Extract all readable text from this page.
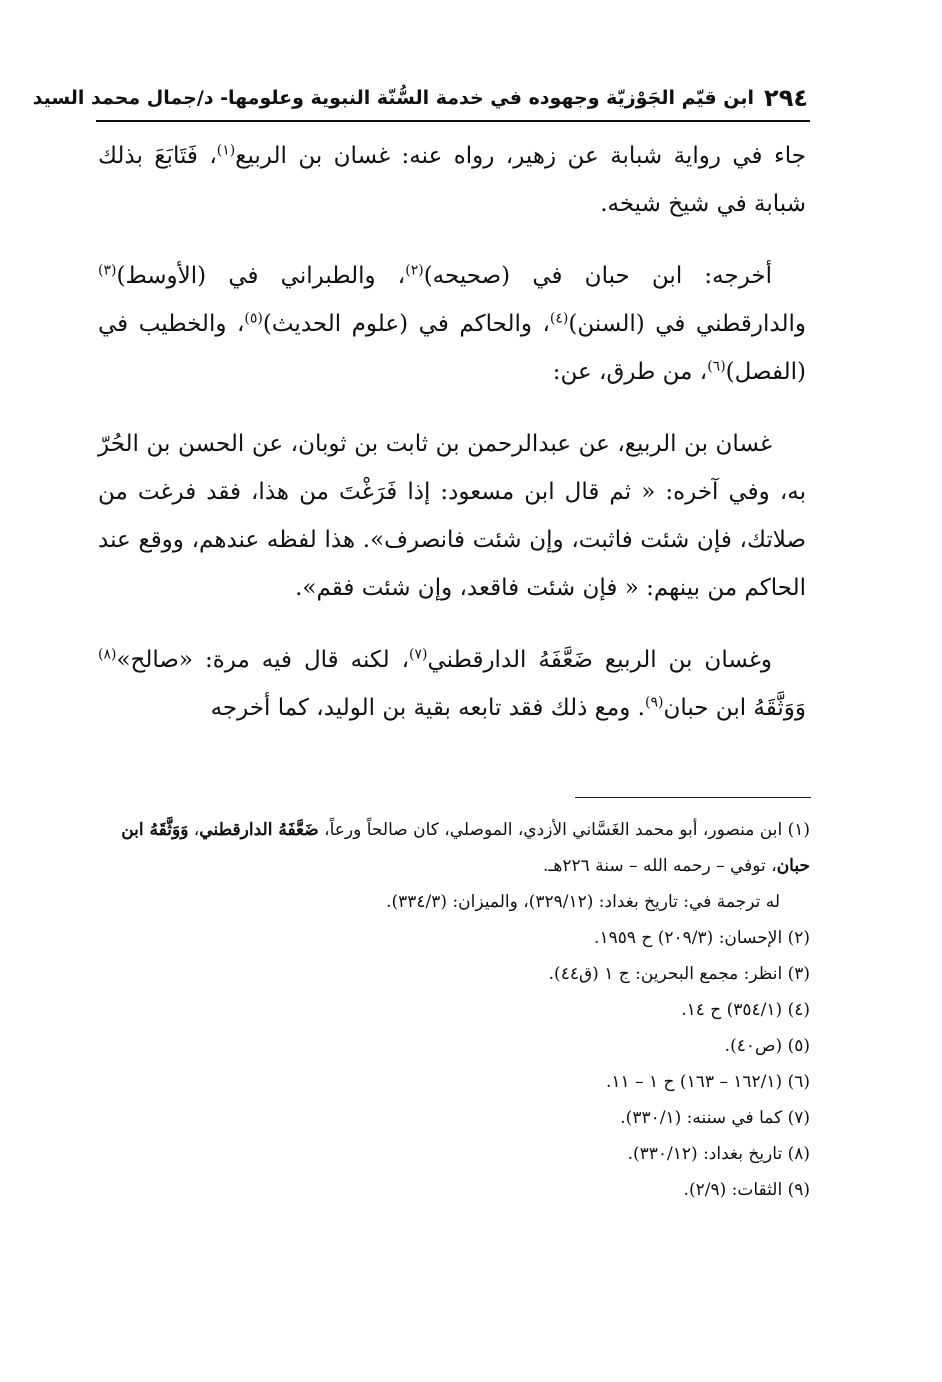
٢٩٤
ابن قيّم الجَوْزيّة وجهوده في خدمة السُّنّة النبوية وعلومها- د/جمال محمد السيد

جاء في رواية شبابة عن زهير، رواه عنه: غسان بن الربيع$^{(١)}$، فَتَابَعَ بذلك شبابة في شيخ شيخه.

أخرجه: ابن حبان في (صحيحه)$^{(٢)}$، والطبراني في (الأوسط)$^{(٣)}$ والدارقطني في (السنن)$^{(٤)}$، والحاكم في (علوم الحديث)$^{(٥)}$، والخطيب في (الفصل)$^{(٦)}$، من طرق، عن:

غسان بن الربيع، عن عبدالرحمن بن ثابت بن ثوبان، عن الحسن بن الحُرّ به، وفي آخره: « ثم قال ابن مسعود: إذا فَرَغْتَ من هذا، فقد فرغت من صلاتك، فإن شئت فاثبت، وإن شئت فانصرف». هذا لفظه عندهم، ووقع عند الحاكم من بينهم: « فإن شئت فاقعد، وإن شئت فقم».

وغسان بن الربيع ضَعَّفَهُ الدارقطني$^{(٧)}$، لكنه قال فيه مرة: «صالح»$^{(٨)}$ وَوَثَّقَهُ ابن حبان$^{(٩)}$. ومع ذلك فقد تابعه بقية بن الوليد، كما أخرجه

(١) ابن منصور، أبو محمد الغَسَّاني الأزدي، الموصلي، كان صالحاً ورعاً، ضَعَّفَهُ الدارقطني، وَوَثَّقَهُ ابن حبان، توفي – رحمه الله – سنة ٢٢٦هـ.

له ترجمة في: تاريخ بغداد: (٣٢٩/١٢)، والميزان: (٣٣٤/٣).

(٢) الإحسان: (٢٠٩/٣) ح ١٩٥٩.

(٣) انظر: مجمع البحرين: ج ١ (ق٤٤).

(٤) (٣٥٤/١) ح ١٤.

(٥) (ص٤٠).

(٦) (١٦٢/١ – ١٦٣) ح ١ – ١١.

(٧) كما في سننه: (٣٣٠/١).

(٨) تاريخ بغداد: (٣٣٠/١٢).

(٩) الثقات: (٢/٩).
